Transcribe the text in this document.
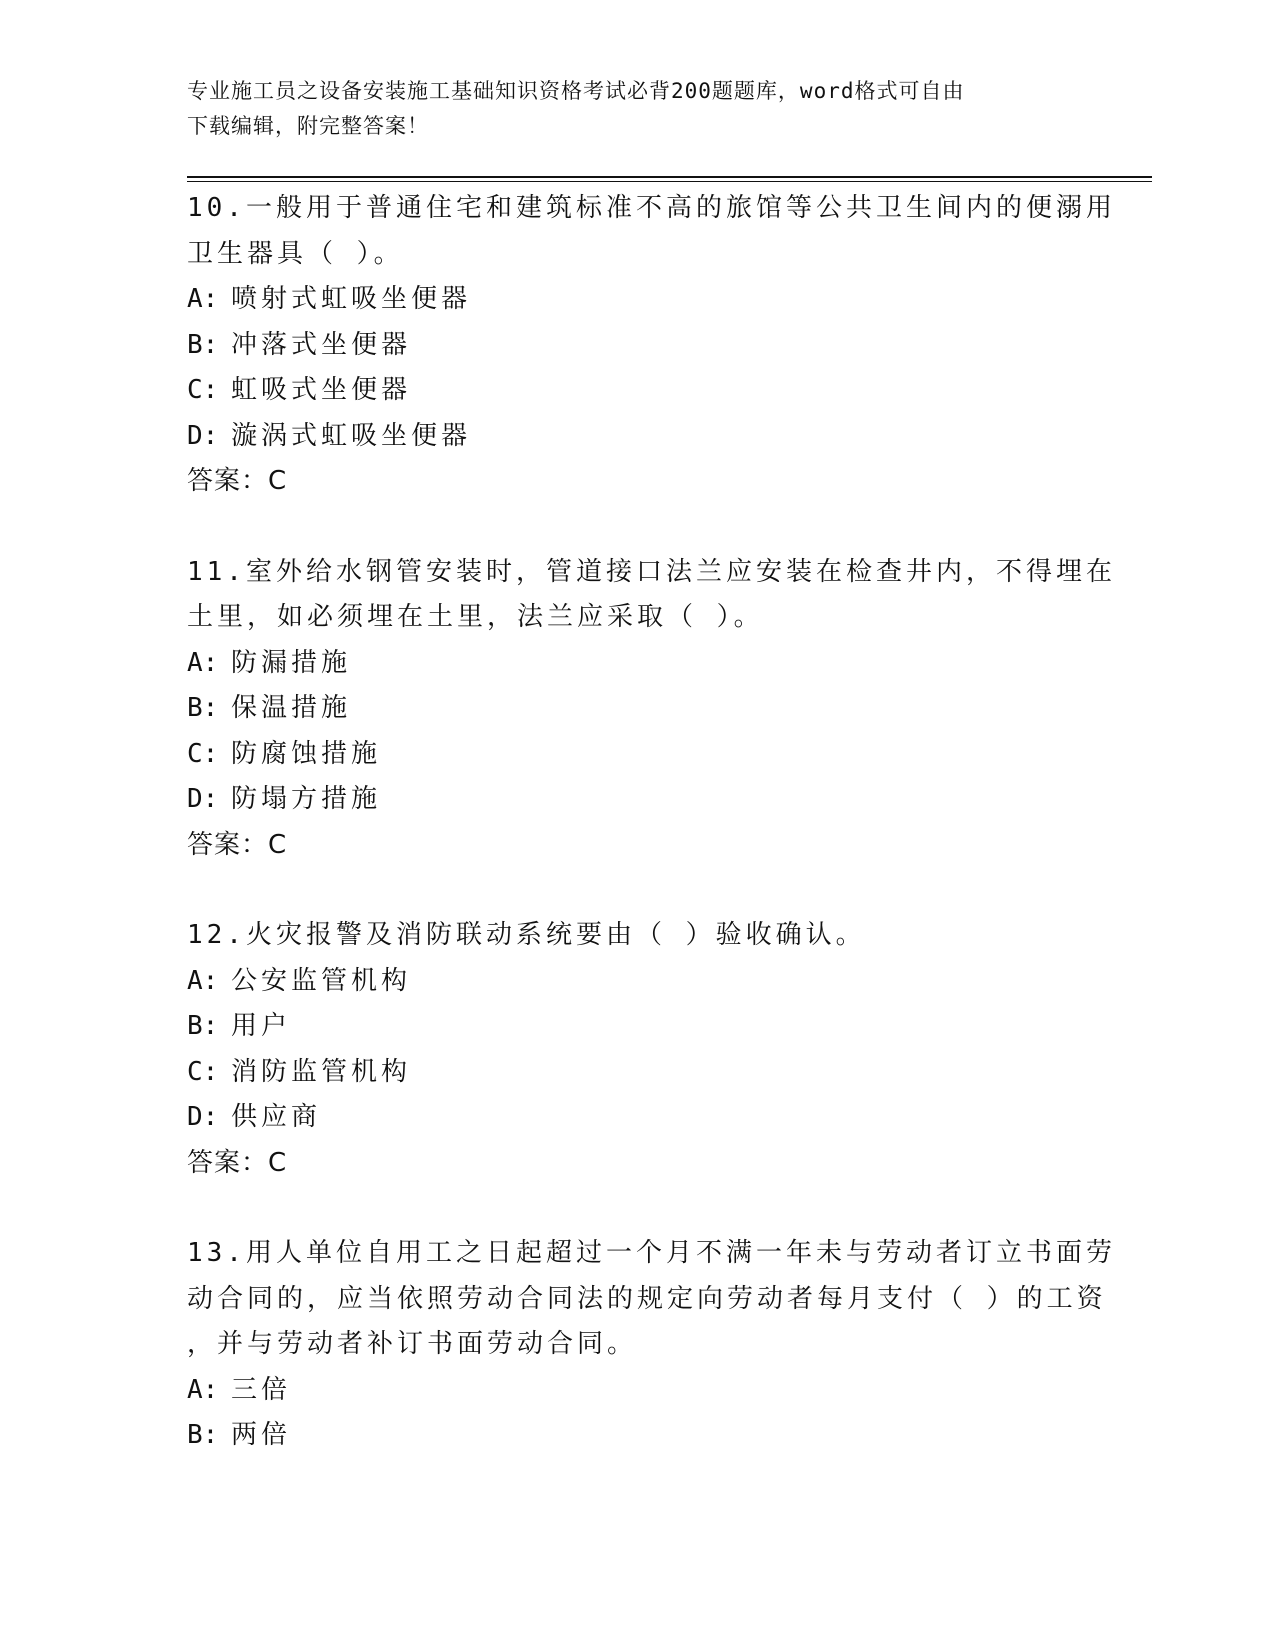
专业施工员之设备安装施工基础知识资格考试必背200题题库，word格式可自由
下载编辑，附完整答案！
10.一般用于普通住宅和建筑标准不高的旅馆等公共卫生间内的便溺用
卫生器具（ ）。
A: 喷射式虹吸坐便器
B: 冲落式坐便器
C: 虹吸式坐便器
D: 漩涡式虹吸坐便器
答案：C
11.室外给水钢管安装时，管道接口法兰应安装在检查井内，不得埋在
土里，如必须埋在土里，法兰应采取（ ）。
A: 防漏措施
B: 保温措施
C: 防腐蚀措施
D: 防塌方措施
答案：C
12.火灾报警及消防联动系统要由（ ）验收确认。
A: 公安监管机构
B: 用户
C: 消防监管机构
D: 供应商
答案：C
13.用人单位自用工之日起超过一个月不满一年未与劳动者订立书面劳
动合同的，应当依照劳动合同法的规定向劳动者每月支付（ ）的工资
，并与劳动者补订书面劳动合同。
A: 三倍
B: 两倍
